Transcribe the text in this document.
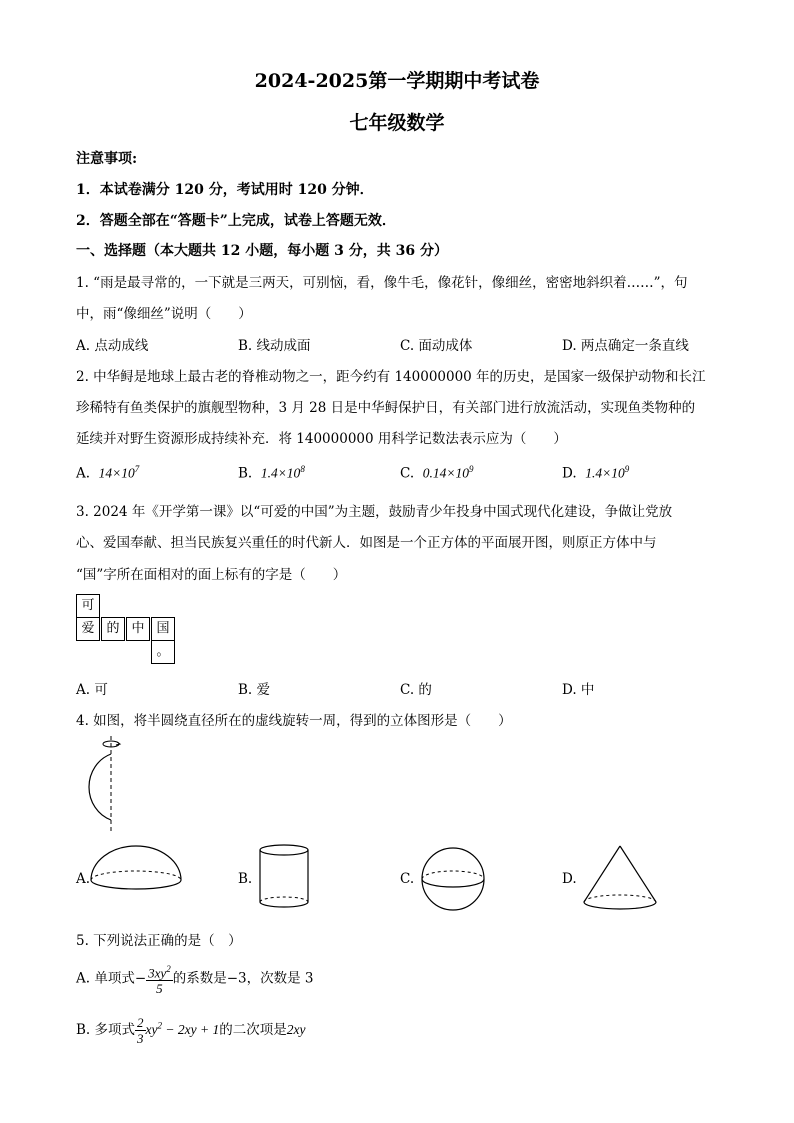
2024-2025第一学期期中考试卷
七年级数学
注意事项:
1．本试卷满分 120 分，考试用时 120 分钟．
2．答题全部在“答题卡”上完成，试卷上答题无效．
一、选择题（本大题共 12 小题，每小题 3 分，共 36 分）
1. “雨是最寻常的，一下就是三两天，可别恼，看，像牛毛，像花针，像细丝，密密地斜织着……”，句
中，雨“像细丝”说明（　　）
A. 点动成线	B. 线动成面	C. 面动成体	D. 两点确定一条直线
2. 中华鲟是地球上最古老的脊椎动物之一，距今约有 140000000 年的历史，是国家一级保护动物和长江
珍稀特有鱼类保护的旗舰型物种，3 月 28 日是中华鲟保护日，有关部门进行放流活动，实现鱼类物种的
延续并对野生资源形成持续补充．将 140000000 用科学记数法表示应为（　　）
A. $14\times 10^7$	B. $1.4\times 10^8$	C. $0.14\times 10^9$	D. $1.4\times 10^9$
3. 2024 年《开学第一课》以“可爱的中国”为主题，鼓励青少年投身中国式现代化建设，争做让党放
心、爱国奉献、担当民族复兴重任的时代新人．如图是一个正方体的平面展开图，则原正方体中与
“国”字所在面相对的面上标有的字是（　　）
可
爱 的 中 国
。
A. 可	B. 爱	C. 的	D. 中
4. 如图，将半圆绕直径所在的虚线旋转一周，得到的立体图形是（　　）
A.	B.	C.	D.
5. 下列说法正确的是（　）
A. 单项式− $\frac{3xy^2}{5}$ 的系数是−3，次数是 3
B. 多项式 $\frac{2}{3} xy^2 - 2xy + 1$的二次项是2xy
